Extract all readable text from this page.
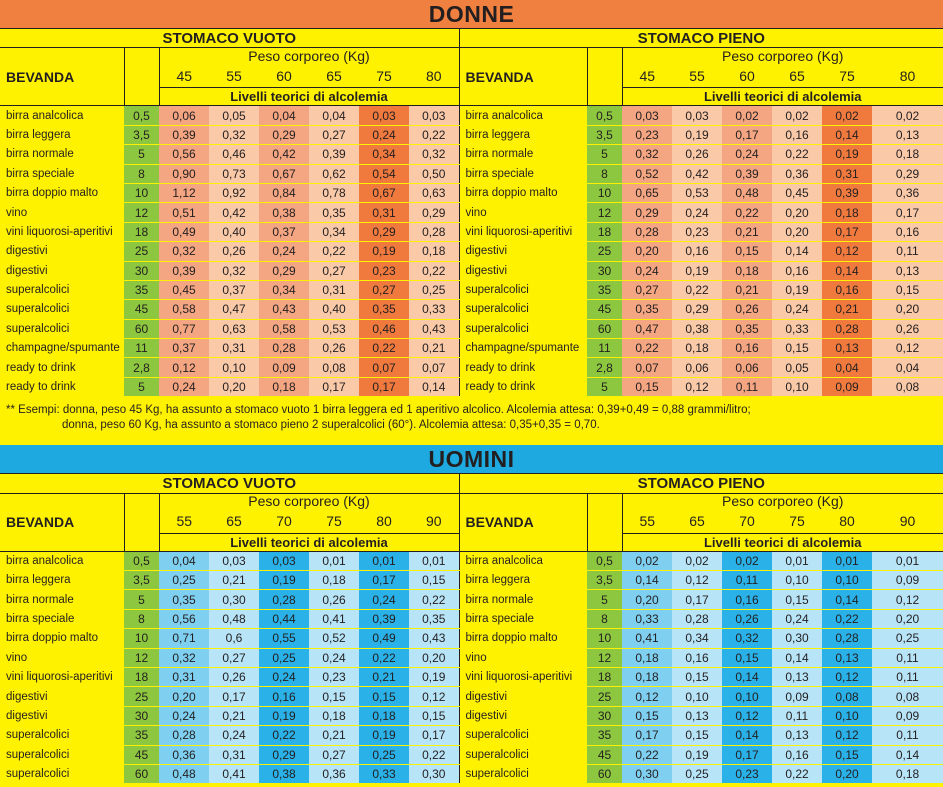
DONNE
STOMACO VUOTO								STOMACO PIENO							
BEVANDA		Peso corporeo (Kg)						BEVANDA		Peso corporeo (Kg)					
		45	55	60	65	75	80			45	55	60	65	75	80
		Livelli teorici di alcolemia								Livelli teorici di alcolemia					
birra analcolica	0,5	0,06	0,05	0,04	0,04	0,03	0,03	birra analcolica	0,5	0,03	0,03	0,02	0,02	0,02	0,02
birra leggera	3,5	0,39	0,32	0,29	0,27	0,24	0,22	birra leggera	3,5	0,23	0,19	0,17	0,16	0,14	0,13
birra normale	5	0,56	0,46	0,42	0,39	0,34	0,32	birra normale	5	0,32	0,26	0,24	0,22	0,19	0,18
birra speciale	8	0,90	0,73	0,67	0,62	0,54	0,50	birra speciale	8	0,52	0,42	0,39	0,36	0,31	0,29
birra doppio malto	10	1,12	0,92	0,84	0,78	0,67	0,63	birra doppio malto	10	0,65	0,53	0,48	0,45	0,39	0,36
vino	12	0,51	0,42	0,38	0,35	0,31	0,29	vino	12	0,29	0,24	0,22	0,20	0,18	0,17
vini liquorosi-aperitivi	18	0,49	0,40	0,37	0,34	0,29	0,28	vini liquorosi-aperitivi	18	0,28	0,23	0,21	0,20	0,17	0,16
digestivi	25	0,32	0,26	0,24	0,22	0,19	0,18	digestivi	25	0,20	0,16	0,15	0,14	0,12	0,11
digestivi	30	0,39	0,32	0,29	0,27	0,23	0,22	digestivi	30	0,24	0,19	0,18	0,16	0,14	0,13
superalcolici	35	0,45	0,37	0,34	0,31	0,27	0,25	superalcolici	35	0,27	0,22	0,21	0,19	0,16	0,15
superalcolici	45	0,58	0,47	0,43	0,40	0,35	0,33	superalcolici	45	0,35	0,29	0,26	0,24	0,21	0,20
superalcolici	60	0,77	0,63	0,58	0,53	0,46	0,43	superalcolici	60	0,47	0,38	0,35	0,33	0,28	0,26
champagne/spumante	11	0,37	0,31	0,28	0,26	0,22	0,21	champagne/spumante	11	0,22	0,18	0,16	0,15	0,13	0,12
ready to drink	2,8	0,12	0,10	0,09	0,08	0,07	0,07	ready to drink	2,8	0,07	0,06	0,06	0,05	0,04	0,04
ready to drink	5	0,24	0,20	0,18	0,17	0,17	0,14	ready to drink	5	0,15	0,12	0,11	0,10	0,09	0,08
** Esempi: donna, peso 45 Kg, ha assunto a stomaco vuoto 1 birra leggera ed 1 aperitivo alcolico. Alcolemia attesa: 0,39+0,49 = 0,88 grammi/litro;
donna, peso 60 Kg, ha assunto a stomaco pieno 2 superalcolici (60°). Alcolemia attesa: 0,35+0,35 = 0,70.
UOMINI
STOMACO VUOTO								STOMACO PIENO							
BEVANDA		Peso corporeo (Kg)						BEVANDA		Peso corporeo (Kg)					
		55	65	70	75	80	90			55	65	70	75	80	90
		Livelli teorici di alcolemia								Livelli teorici di alcolemia					
birra analcolica	0,5	0,04	0,03	0,03	0,01	0,01	0,01	birra analcolica	0,5	0,02	0,02	0,02	0,01	0,01	0,01
birra leggera	3,5	0,25	0,21	0,19	0,18	0,17	0,15	birra leggera	3,5	0,14	0,12	0,11	0,10	0,10	0,09
birra normale	5	0,35	0,30	0,28	0,26	0,24	0,22	birra normale	5	0,20	0,17	0,16	0,15	0,14	0,12
birra speciale	8	0,56	0,48	0,44	0,41	0,39	0,35	birra speciale	8	0,33	0,28	0,26	0,24	0,22	0,20
birra doppio malto	10	0,71	0,6	0,55	0,52	0,49	0,43	birra doppio malto	10	0,41	0,34	0,32	0,30	0,28	0,25
vino	12	0,32	0,27	0,25	0,24	0,22	0,20	vino	12	0,18	0,16	0,15	0,14	0,13	0,11
vini liquorosi-aperitivi	18	0,31	0,26	0,24	0,23	0,21	0,19	vini liquorosi-aperitivi	18	0,18	0,15	0,14	0,13	0,12	0,11
digestivi	25	0,20	0,17	0,16	0,15	0,15	0,12	digestivi	25	0,12	0,10	0,10	0,09	0,08	0,08
digestivi	30	0,24	0,21	0,19	0,18	0,18	0,15	digestivi	30	0,15	0,13	0,12	0,11	0,10	0,09
superalcolici	35	0,28	0,24	0,22	0,21	0,19	0,17	superalcolici	35	0,17	0,15	0,14	0,13	0,12	0,11
superalcolici	45	0,36	0,31	0,29	0,27	0,25	0,22	superalcolici	45	0,22	0,19	0,17	0,16	0,15	0,14
superalcolici	60	0,48	0,41	0,38	0,36	0,33	0,30	superalcolici	60	0,30	0,25	0,23	0,22	0,20	0,18
